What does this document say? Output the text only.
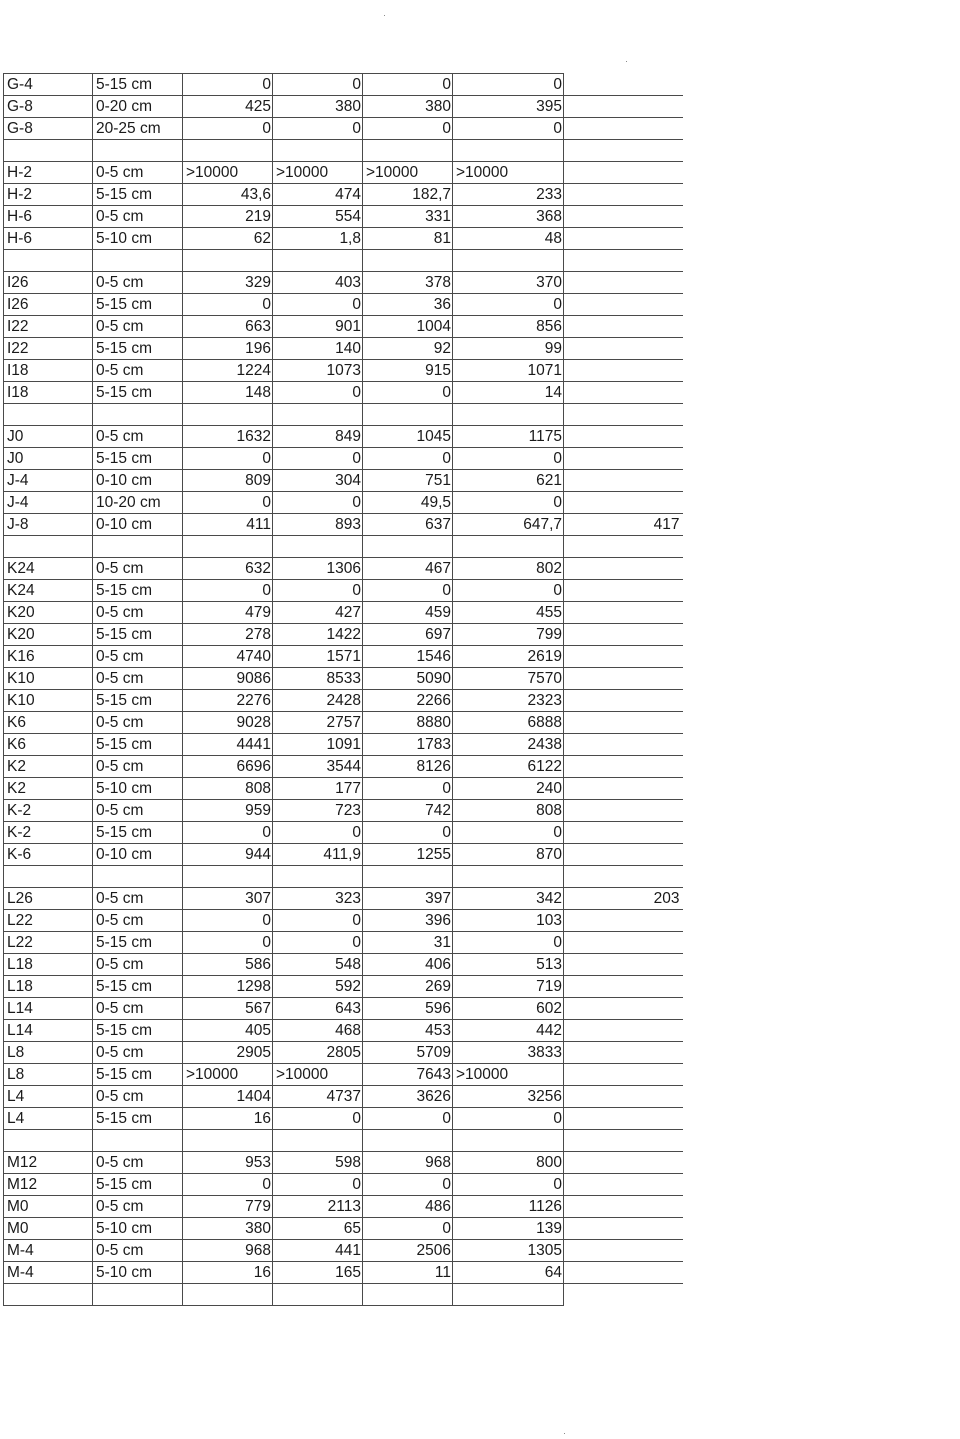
G-4	5-15 cm	0	0	0	0	
G-8	0-20 cm	425	380	380	395	
G-8	20-25 cm	0	0	0	0	

H-2	0-5 cm	>10000	>10000	>10000	>10000	
H-2	5-15 cm	43,6	474	182,7	233	
H-6	0-5 cm	219	554	331	368	
H-6	5-10 cm	62	1,8	81	48	

I26	0-5 cm	329	403	378	370	
I26	5-15 cm	0	0	36	0	
I22	0-5 cm	663	901	1004	856	
I22	5-15 cm	196	140	92	99	
I18	0-5 cm	1224	1073	915	1071	
I18	5-15 cm	148	0	0	14	

J0	0-5 cm	1632	849	1045	1175	
J0	5-15 cm	0	0	0	0	
J-4	0-10 cm	809	304	751	621	
J-4	10-20 cm	0	0	49,5	0	
J-8	0-10 cm	411	893	637	647,7	417

K24	0-5 cm	632	1306	467	802	
K24	5-15 cm	0	0	0	0	
K20	0-5 cm	479	427	459	455	
K20	5-15 cm	278	1422	697	799	
K16	0-5 cm	4740	1571	1546	2619	
K10	0-5 cm	9086	8533	5090	7570	
K10	5-15 cm	2276	2428	2266	2323	
K6	0-5 cm	9028	2757	8880	6888	
K6	5-15 cm	4441	1091	1783	2438	
K2	0-5 cm	6696	3544	8126	6122	
K2	5-10 cm	808	177	0	240	
K-2	0-5 cm	959	723	742	808	
K-2	5-15 cm	0	0	0	0	
K-6	0-10 cm	944	411,9	1255	870	

L26	0-5 cm	307	323	397	342	203
L22	0-5 cm	0	0	396	103	
L22	5-15 cm	0	0	31	0	
L18	0-5 cm	586	548	406	513	
L18	5-15 cm	1298	592	269	719	
L14	0-5 cm	567	643	596	602	
L14	5-15 cm	405	468	453	442	
L8	0-5 cm	2905	2805	5709	3833	
L8	5-15 cm	>10000	>10000	7643	>10000	
L4	0-5 cm	1404	4737	3626	3256	
L4	5-15 cm	16	0	0	0	

M12	0-5 cm	953	598	968	800	
M12	5-15 cm	0	0	0	0	
M0	0-5 cm	779	2113	486	1126	
M0	5-10 cm	380	65	0	139	
M-4	0-5 cm	968	441	2506	1305	
M-4	5-10 cm	16	165	11	64	

·
·
·
